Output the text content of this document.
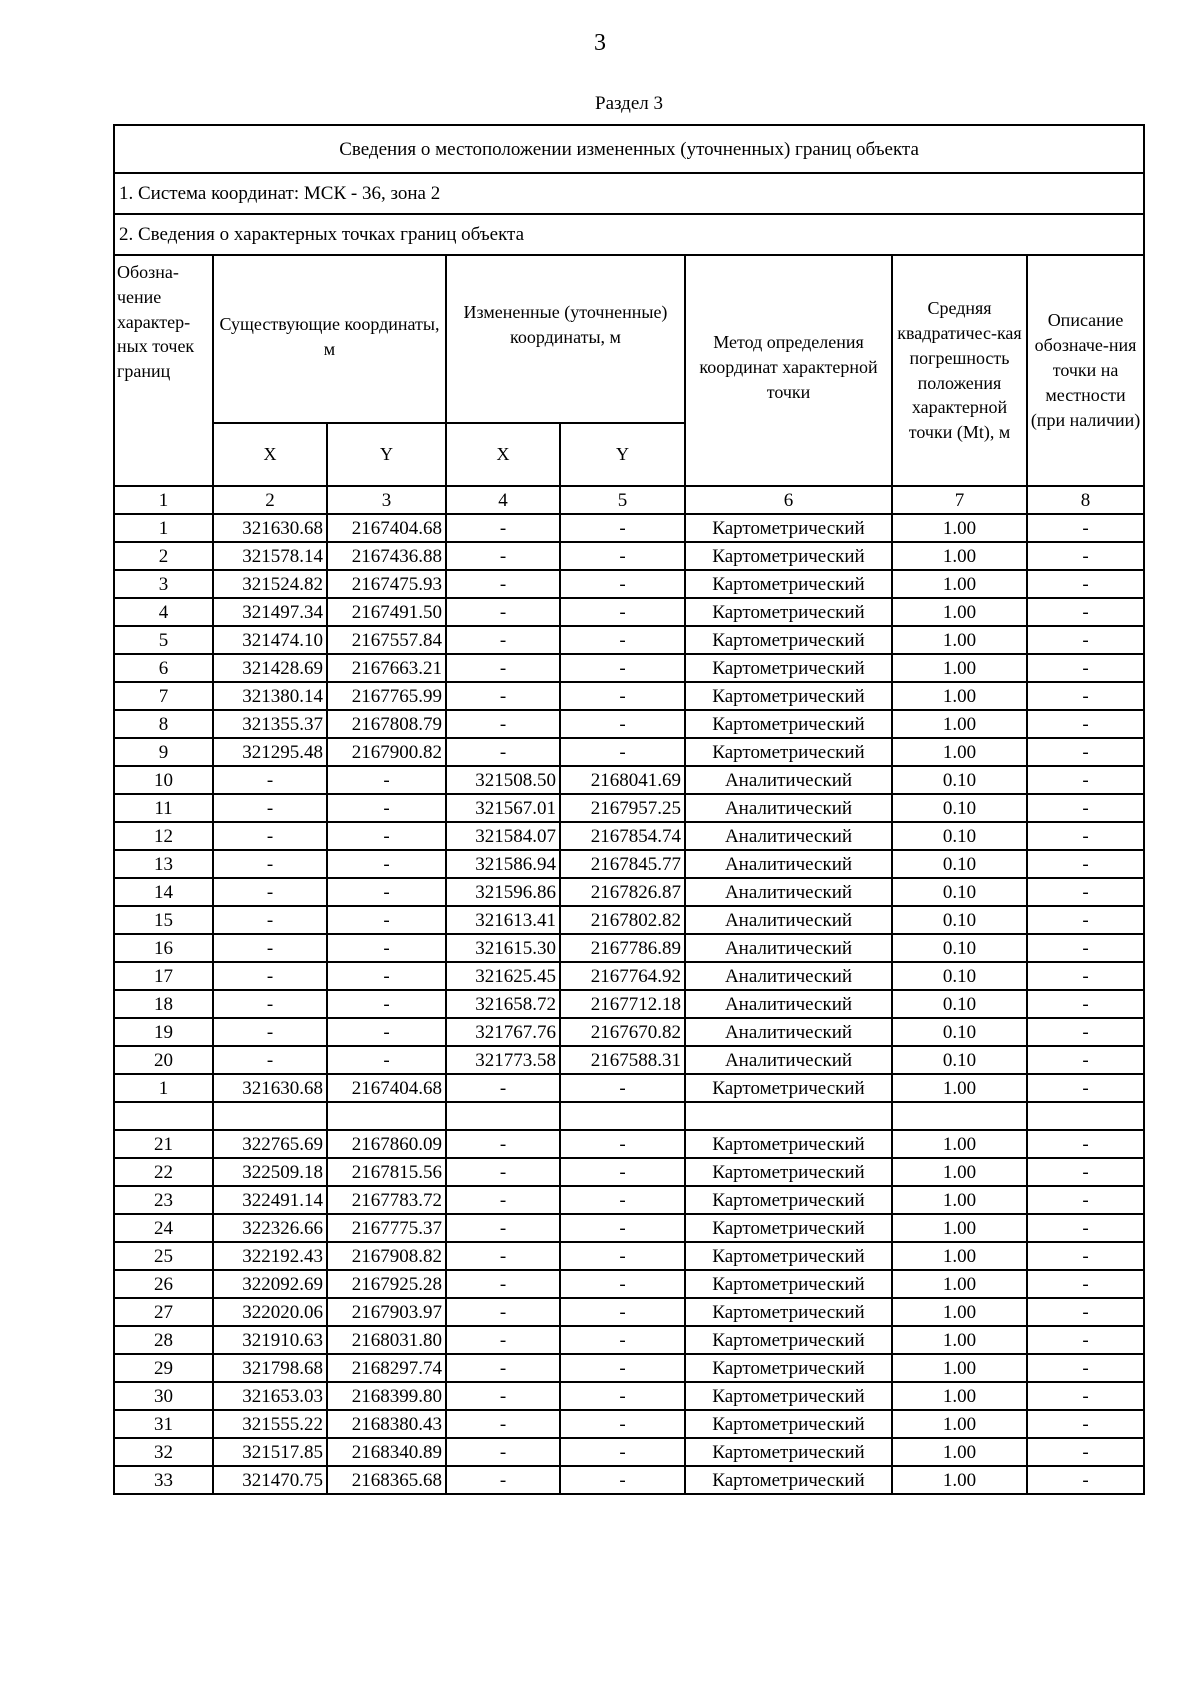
3
Раздел 3
Сведения о местоположении измененных (уточненных) границ объекта							
1. Система координат: МСК - 36, зона 2							
2. Сведения о характерных точках границ объекта							
Обозна-чение характер-ных точек границ	Существующие координаты, м		Измененные (уточненные) координаты, м		Метод определения координат характерной точки	Средняя квадратичес-кая погрешность положения характерной точки (Mt), м	Описание обозначе-ния точки на местности (при наличии)
	X	Y	X	Y			
1	2	3	4	5	6	7	8
1	321630.68	2167404.68	-	-	Картометрический	1.00	-
2	321578.14	2167436.88	-	-	Картометрический	1.00	-
3	321524.82	2167475.93	-	-	Картометрический	1.00	-
4	321497.34	2167491.50	-	-	Картометрический	1.00	-
5	321474.10	2167557.84	-	-	Картометрический	1.00	-
6	321428.69	2167663.21	-	-	Картометрический	1.00	-
7	321380.14	2167765.99	-	-	Картометрический	1.00	-
8	321355.37	2167808.79	-	-	Картометрический	1.00	-
9	321295.48	2167900.82	-	-	Картометрический	1.00	-
10	-	-	321508.50	2168041.69	Аналитический	0.10	-
11	-	-	321567.01	2167957.25	Аналитический	0.10	-
12	-	-	321584.07	2167854.74	Аналитический	0.10	-
13	-	-	321586.94	2167845.77	Аналитический	0.10	-
14	-	-	321596.86	2167826.87	Аналитический	0.10	-
15	-	-	321613.41	2167802.82	Аналитический	0.10	-
16	-	-	321615.30	2167786.89	Аналитический	0.10	-
17	-	-	321625.45	2167764.92	Аналитический	0.10	-
18	-	-	321658.72	2167712.18	Аналитический	0.10	-
19	-	-	321767.76	2167670.82	Аналитический	0.10	-
20	-	-	321773.58	2167588.31	Аналитический	0.10	-
1	321630.68	2167404.68	-	-	Картометрический	1.00	-

21	322765.69	2167860.09	-	-	Картометрический	1.00	-
22	322509.18	2167815.56	-	-	Картометрический	1.00	-
23	322491.14	2167783.72	-	-	Картометрический	1.00	-
24	322326.66	2167775.37	-	-	Картометрический	1.00	-
25	322192.43	2167908.82	-	-	Картометрический	1.00	-
26	322092.69	2167925.28	-	-	Картометрический	1.00	-
27	322020.06	2167903.97	-	-	Картометрический	1.00	-
28	321910.63	2168031.80	-	-	Картометрический	1.00	-
29	321798.68	2168297.74	-	-	Картометрический	1.00	-
30	321653.03	2168399.80	-	-	Картометрический	1.00	-
31	321555.22	2168380.43	-	-	Картометрический	1.00	-
32	321517.85	2168340.89	-	-	Картометрический	1.00	-
33	321470.75	2168365.68	-	-	Картометрический	1.00	-
